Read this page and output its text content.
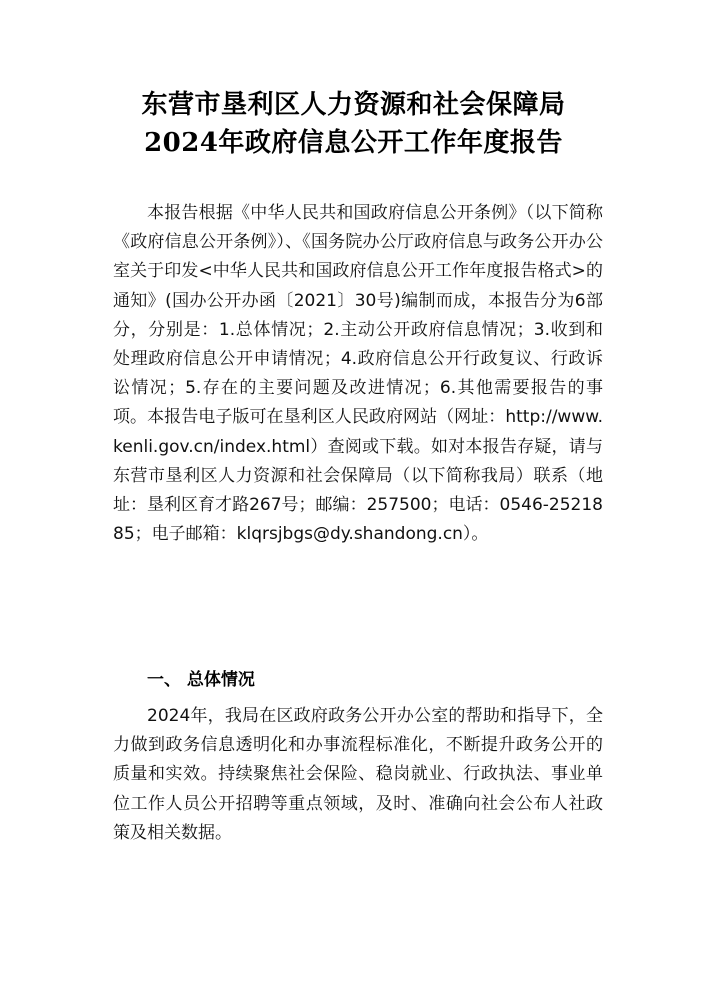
东营市垦利区人力资源和社会保障局
2024年政府信息公开工作年度报告

本报告根据《中华人民共和国政府信息公开条例》（以下简称《政府信息公开条例》）、《国务院办公厅政府信息与政务公开办公室关于印发<中华人民共和国政府信息公开工作年度报告格式>的通知》(国办公开办函〔2021〕30号)编制而成，本报告分为6部分，分别是：1.总体情况；2.主动公开政府信息情况；3.收到和处理政府信息公开申请情况；4.政府信息公开行政复议、行政诉讼情况；5.存在的主要问题及改进情况；6.其他需要报告的事项。本报告电子版可在垦利区人民政府网站（网址：http://www.kenli.gov.cn/index.html）查阅或下载。如对本报告存疑，请与东营市垦利区人力资源和社会保障局（以下简称我局）联系（地址：垦利区育才路267号；邮编：257500；电话：0546-2521885；电子邮箱：klqrsjbgs@dy.shandong.cn）。

一、 总体情况

2024年，我局在区政府政务公开办公室的帮助和指导下，全力做到政务信息透明化和办事流程标准化，不断提升政务公开的质量和实效。持续聚焦社会保险、稳岗就业、行政执法、事业单位工作人员公开招聘等重点领域，及时、准确向社会公布人社政策及相关数据。
